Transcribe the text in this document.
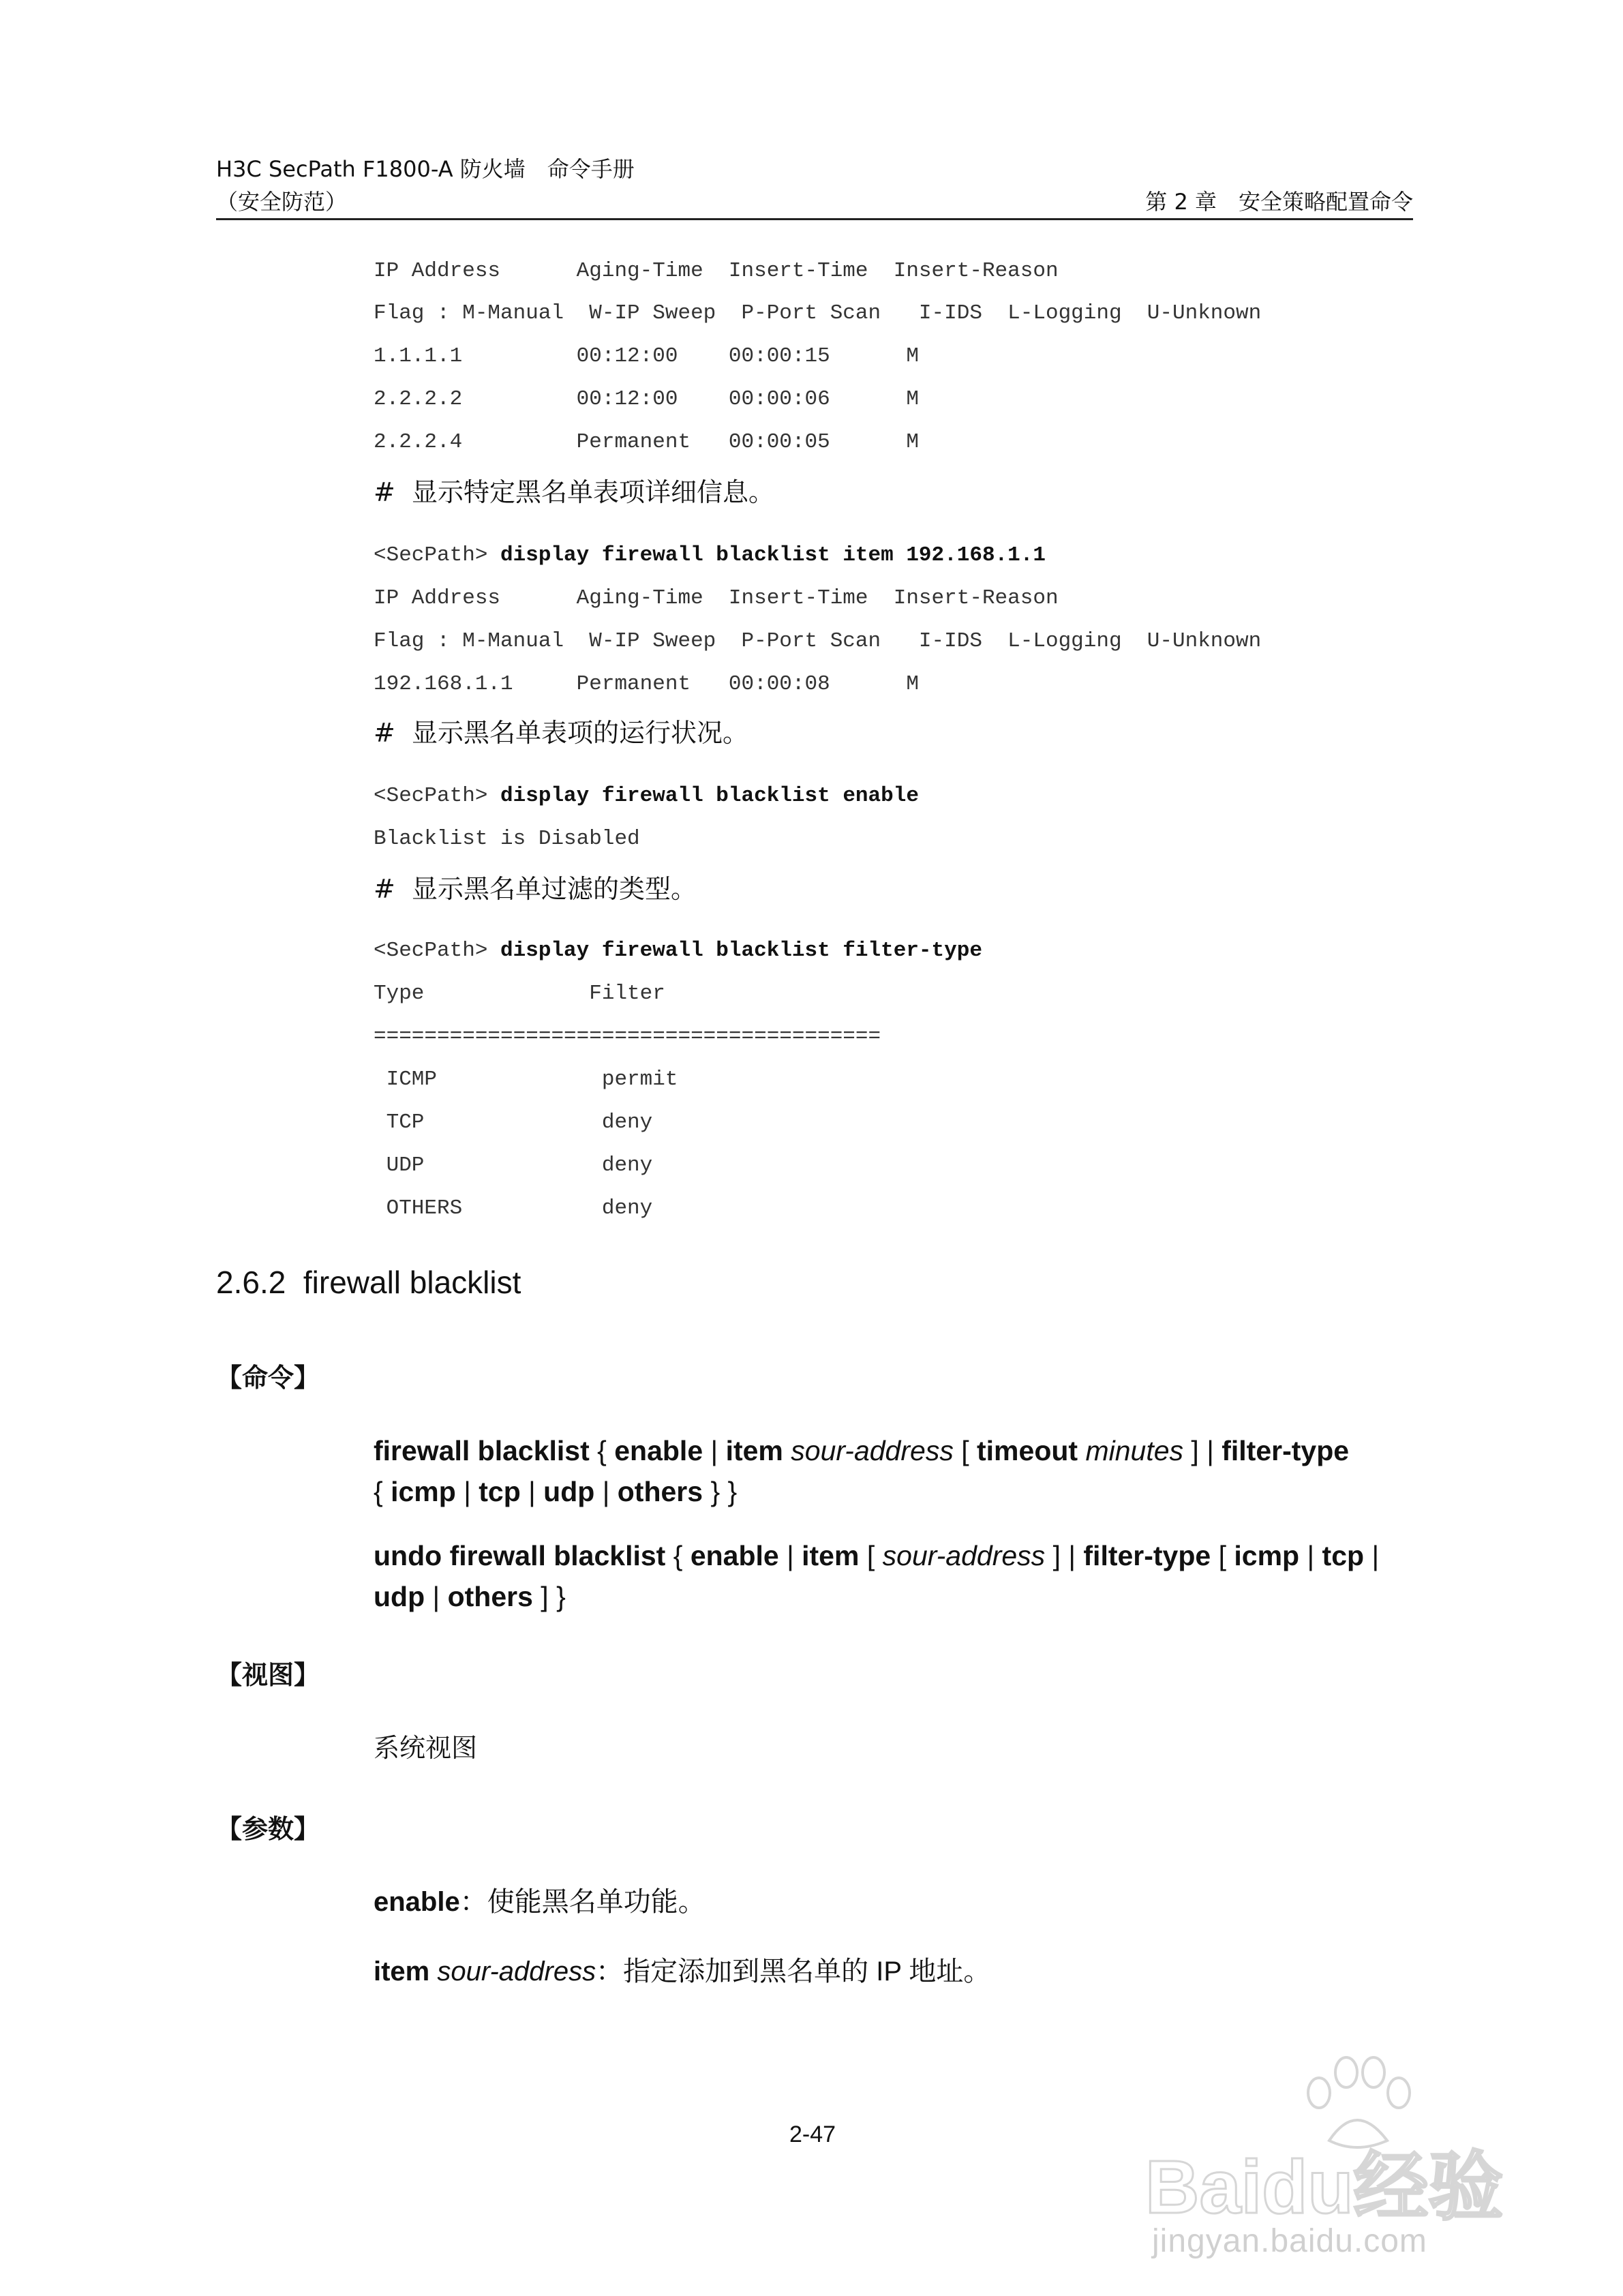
H3C SecPath F1800-A 防火墙　命令手册
（安全防范）	第 2 章　安全策略配置命令
IP Address      Aging-Time  Insert-Time  Insert-Reason
Flag : M-Manual  W-IP Sweep  P-Port Scan   I-IDS  L-Logging  U-Unknown
1.1.1.1         00:12:00    00:00:15      M
2.2.2.2         00:12:00    00:00:06      M
2.2.2.4         Permanent   00:00:05      M
#  显示特定黑名单表项详细信息。
<SecPath> display firewall blacklist item 192.168.1.1
IP Address      Aging-Time  Insert-Time  Insert-Reason
Flag : M-Manual  W-IP Sweep  P-Port Scan   I-IDS  L-Logging  U-Unknown
192.168.1.1     Permanent   00:00:08      M
#  显示黑名单表项的运行状况。
<SecPath> display firewall blacklist enable
Blacklist is Disabled
#  显示黑名单过滤的类型。
<SecPath> display firewall blacklist filter-type
Type             Filter
========================================
ICMP             permit
TCP              deny
UDP              deny
OTHERS           deny
2.6.2  firewall blacklist
【命令】
firewall blacklist { enable | item sour-address [ timeout minutes ] | filter-type
{ icmp | tcp | udp | others } }
undo firewall blacklist { enable | item [ sour-address ] | filter-type [ icmp | tcp |
udp | others ] }
【视图】
系统视图
【参数】
enable：使能黑名单功能。
item sour-address：指定添加到黑名单的 IP 地址。
2-47
Baidu经验
jingyan.baidu.com
